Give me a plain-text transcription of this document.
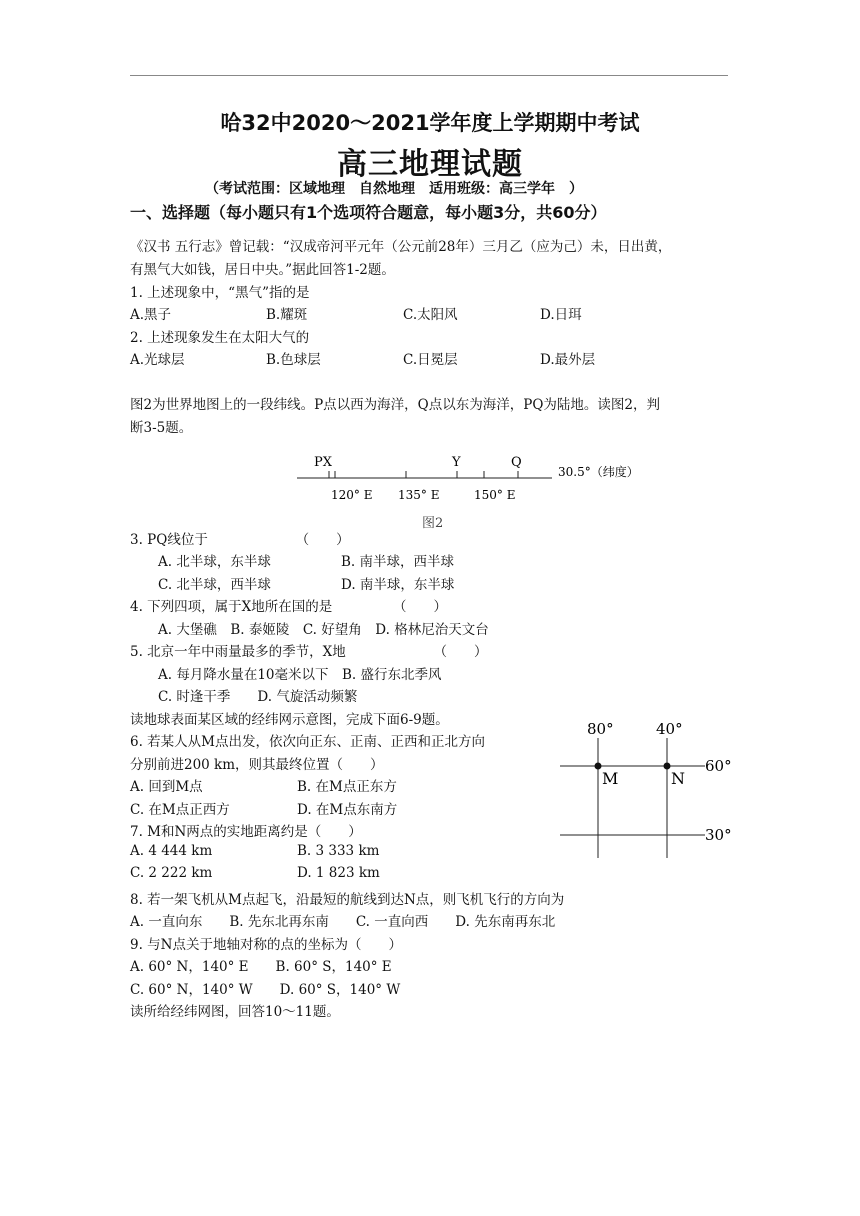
哈32中2020～2021学年度上学期期中考试
高三地理试题
（考试范围：区域地理　自然地理　适用班级：高三学年　）
一、选择题（每小题只有1个选项符合题意，每小题3分，共60分）
《汉书 五行志》曾记载：“汉成帝河平元年（公元前28年）三月乙（应为己）未，日出黄，
有黑气大如钱，居日中央。”据此回答1-2题。
1. 上述现象中，“黑气”指的是
A.黑子	B.耀斑	C.太阳风	D.日珥
2. 上述现象发生在太阳大气的
A.光球层	B.色球层	C.日冕层	D.最外层
图2为世界地图上的一段纬线。P点以西为海洋，Q点以东为海洋，PQ为陆地。读图2，判
断3-5题。
PX	Y	Q
30.5°（纬度）
120° E 135° E	150° E
图2
3. PQ线位于　　　　　　　（　　）
A. 北半球，东半球	B. 南半球，西半球
C. 北半球，西半球	D. 南半球，东半球
4. 下列四项，属于X地所在国的是　　　　　（　　）
A. 大堡礁　B. 泰姬陵　C. 好望角　D. 格林尼治天文台
5. 北京一年中雨量最多的季节，X地　　　　　　　（　　）
A. 每月降水量在10毫米以下　B. 盛行东北季风
C. 时逢干季　　D. 气旋活动频繁
读地球表面某区域的经纬网示意图，完成下面6-9题。	80°	40°
60°
30°
M	N
6. 若某人从M点出发，依次向正东、正南、正西和正北方向
分别前进200 km，则其最终位置（　　）
A. 回到M点	B. 在M点正东方
C. 在M点正西方	D. 在M点东南方
7. M和N两点的实地距离约是（　　）
A. 4 444 km	B. 3 333 km
C. 2 222 km	D. 1 823 km
8. 若一架飞机从M点起飞，沿最短的航线到达N点，则飞机飞行的方向为
A. 一直向东　　B. 先东北再东南　　C. 一直向西　　D. 先东南再东北
9. 与N点关于地轴对称的点的坐标为（　　）
A. 60° N，140° E　　B. 60° S，140° E
C. 60° N，140° W　　D. 60° S，140° W
读所给经纬网图，回答10～11题。
